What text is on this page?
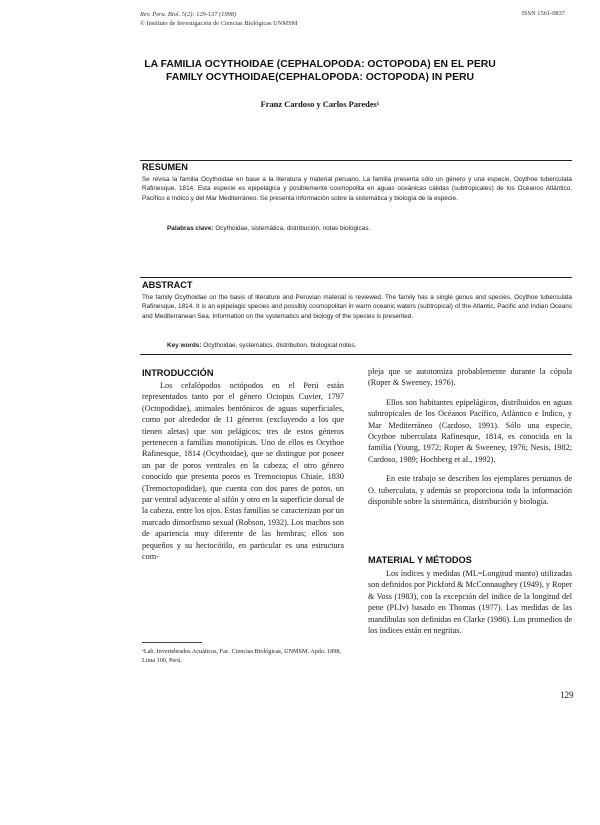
Rev. Peru. Biol. 5(2): 129-137 (1998)
© Instituto de Investigación de Ciencias Biológicas UNMSM
ISSN 1561-0837
LA FAMILIA OCYTHOIDAE (CEPHALOPODA: OCTOPODA) EN EL PERU
FAMILY OCYTHOIDAE(CEPHALOPODA: OCTOPODA) IN PERU
Franz Cardoso y Carlos Paredes¹
RESUMEN
Se revisa la familia Ocythoidae en base a la literatura y material peruano. La familia presenta sólo un género y una especie, Ocythoe tuberculata Rafinesque, 1814. Esta especie es epipelágica y posiblemente cosmopolita en aguas oceánicas cálidas (subtropicales) de los Océanos Atlántico, Pacífico e Indico y del Mar Mediterráneo. Se presenta información sobre la sistemática y biología de la especie.
Palabras clave: Ocythoidae, sistemática, distribución, notas biológicas.
ABSTRACT
The family Ocythoidae on the basis of literature and Peruvian material is reviewed. The family has a single genus and species, Ocythoe tuberculata Rafinesque, 1814. It is an epipelagic species and possibly cosmopolitan in warm oceanic waters (subtropical) of the Atlantic, Pacific and Indian Oceans and Mediterranean Sea. Information on the systematics and biology of the species is presented.
Key words: Ocythoidae, systematics, distribution, biological notes.
INTRODUCCIÓN

Los cefalópodos octópodos en el Perú están representados tanto por el género Octopus Cuvier, 1797 (Octopodidae), animales bentónicos de aguas superficiales, como por alrededor de 11 géneros (excluyendo a los que tienen aletas) que son pelágicos; tres de estos géneros pertenecen a familias monotípicas. Uno de ellos es Ocythoe Rafinesque, 1814 (Ocythoidae), que se distingue por poseer un par de poros ventrales en la cabeza; el otro género conocido que presenta poros es Tremoctopus Chiaie, 1830 (Tremoctopodidae), que cuenta con dos pares de poros, un par ventral adyacente al sifón y otro en la superficie dorsal de la cabeza, entre los ojos. Estas familias se caracterizan por un marcado dimorfismo sexual (Robson, 1932). Los machos son de apariencia muy diferente de las hembras; ellos son pequeños y su hectocótilo, en particular es una estructura com-

¹Lab. Invertebrados Acuáticos, Fac. Ciencias Biológicas, UNMSM. Apdo. 1898, Lima 100, Perú.

pleja que se autotomiza probablemente durante la cópula (Roper & Sweeney, 1976).

Ellos son habitantes epipelágicos, distribuidos en aguas subtropicales de los Océanos Pacífico, Atlántico e Indico, y Mar Mediterráneo (Cardoso, 1991). Sólo una especie, Ocythoe tuberculata Rafinesque, 1814, es conocida en la familia (Young, 1972; Roper & Sweeney, 1976; Nesis, 1982; Cardoso, 1989; Hochberg et al., 1992).

En este trabajo se describen los ejemplares peruanos de O. tuberculata, y además se proporciona toda la información disponible sobre la sistemática, distribución y biología.

MATERIAL Y MÉTODOS

Los índices y medidas (ML=Longitud manto) utilizadas son definidos por Pickford & McConnaughey (1949), y Roper & Voss (1983), con la excepción del índice de la longitud del pene (PLIv) basado en Thomas (1977). Las medidas de las mandíbulas son definidas en Clarke (1986). Los promedios de los índices están en negritas.

129
